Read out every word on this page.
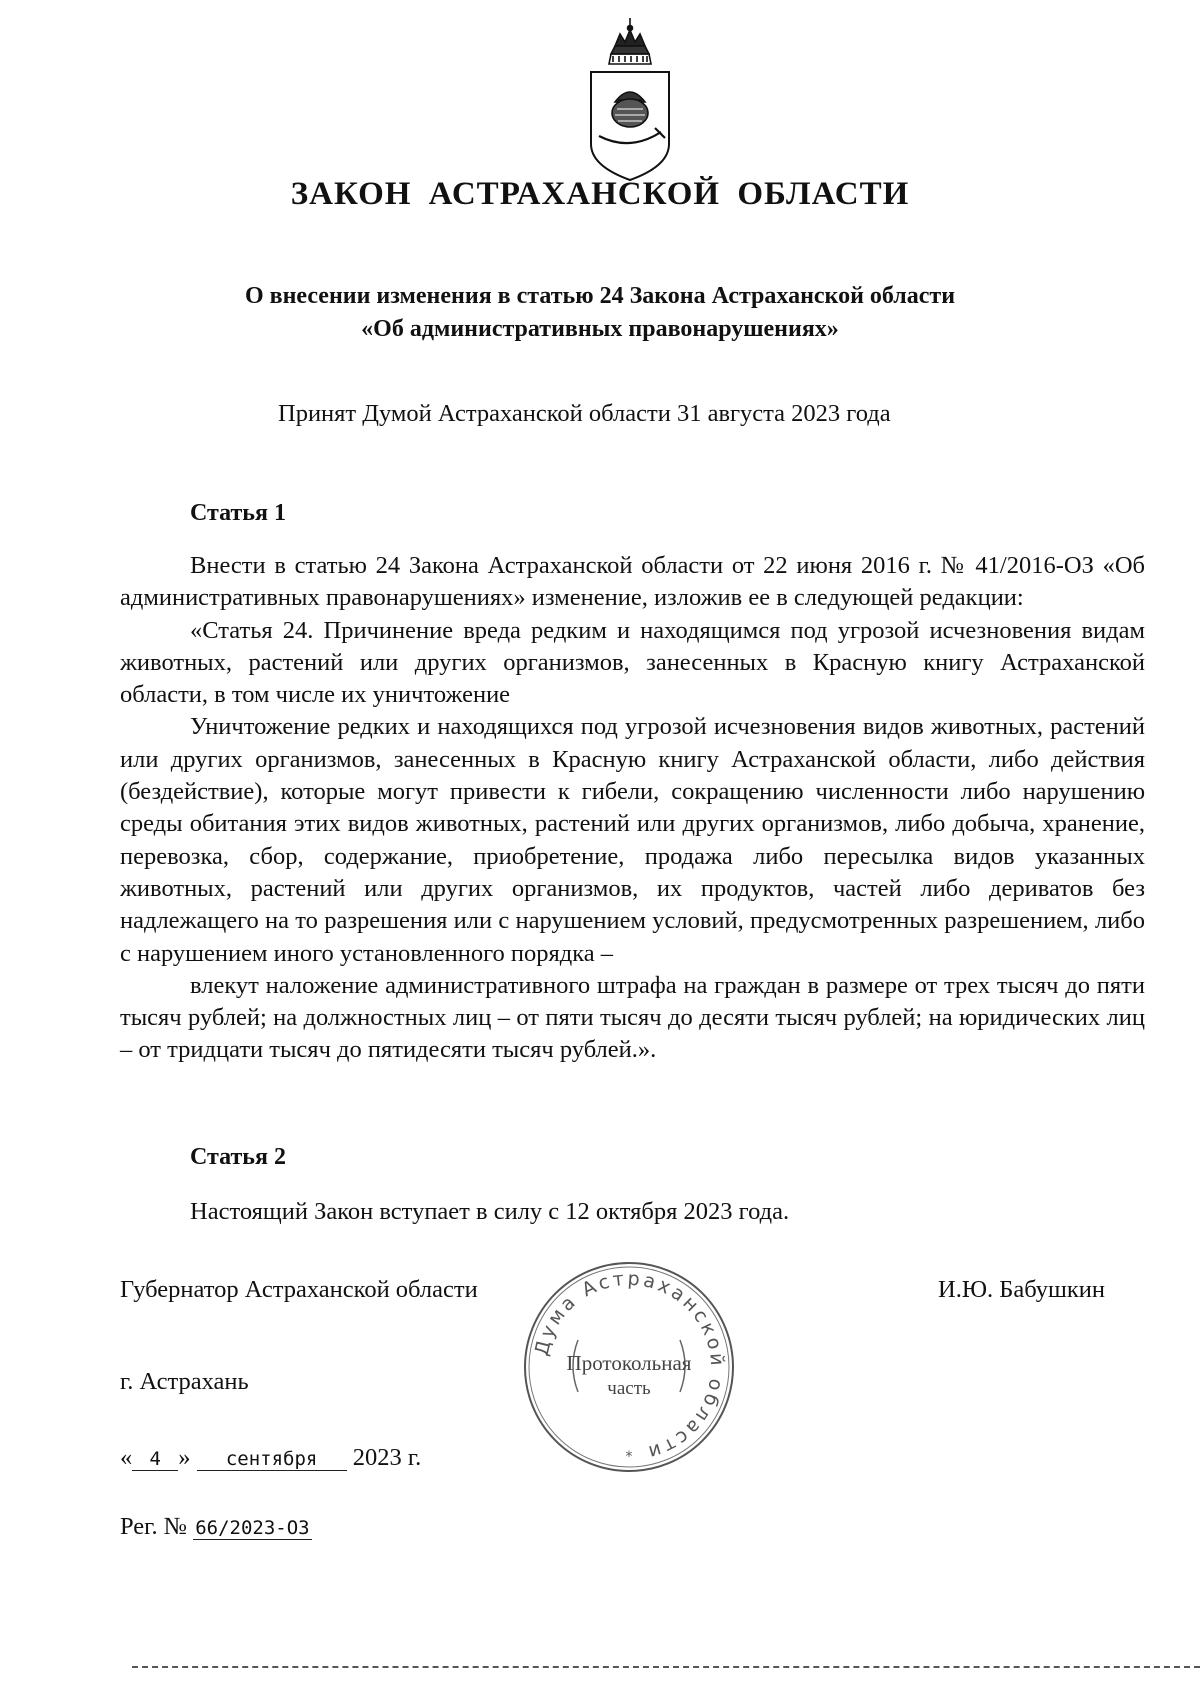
ЗАКОН АСТРАХАНСКОЙ ОБЛАСТИ
О внесении изменения в статью 24 Закона Астраханской области
«Об административных правонарушениях»
Принят Думой Астраханской области 31 августа 2023 года
Статья 1

Внести в статью 24 Закона Астраханской области от 22 июня 2016 г. № 41/2016-ОЗ «Об административных правонарушениях» изменение, изложив ее в следующей редакции:

«Статья 24. Причинение вреда редким и находящимся под угрозой исчезновения видам животных, растений или других организмов, занесенных в Красную книгу Астраханской области, в том числе их уничтожение

Уничтожение редких и находящихся под угрозой исчезновения видов животных, растений или других организмов, занесенных в Красную книгу Астраханской области, либо действия (бездействие), которые могут привести к гибели, сокращению численности либо нарушению среды обитания этих видов животных, растений или других организмов, либо добыча, хранение, перевозка, сбор, содержание, приобретение, продажа либо пересылка видов указанных животных, растений или других организмов, их продуктов, частей либо дериватов без надлежащего на то разрешения или с нарушением условий, предусмотренных разрешением, либо с нарушением иного установленного порядка –

влекут наложение административного штрафа на граждан в размере от трех тысяч до пяти тысяч рублей; на должностных лиц – от пяти тысяч до десяти тысяч рублей; на юридических лиц – от тридцати тысяч до пятидесяти тысяч рублей.».

Статья 2

Настоящий Закон вступает в силу с 12 октября 2023 года.

Губернатор Астраханской области	И.Ю. Бабушкин
г. Астрахань
« 4 » сентября 2023 г.
Рег. № 66/2023-ОЗ
Дума Астраханской области
Протокольная
часть
*
